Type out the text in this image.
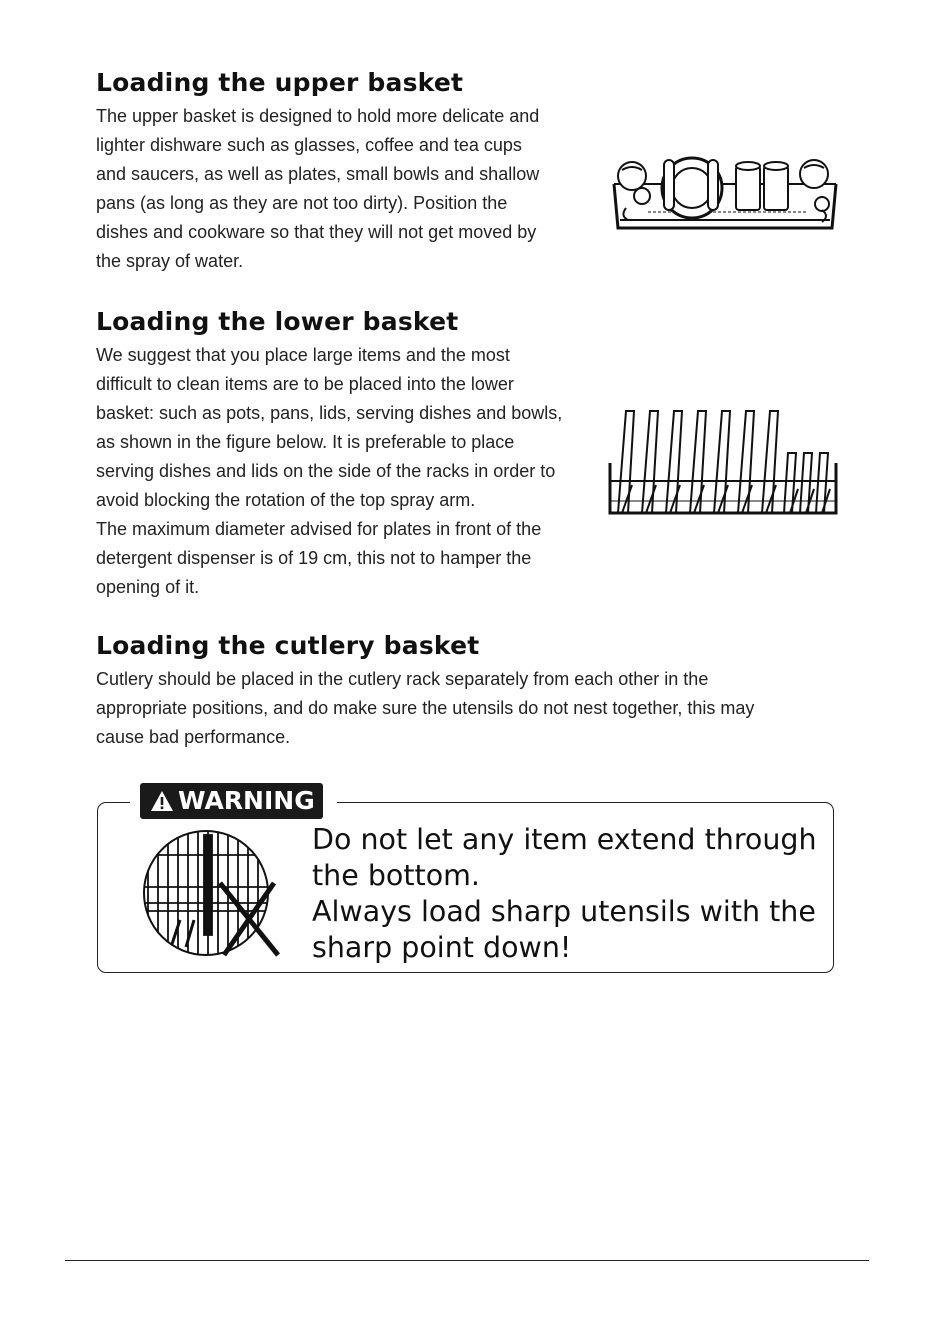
Loading the upper basket

The upper basket is designed to hold more delicate and

lighter dishware such as glasses, coffee and tea cups

and saucers, as well as plates, small bowls and shallow

pans (as long as they are not too dirty). Position the

dishes and cookware so that they will not get moved by

the spray of water.

Loading the lower basket

We suggest that you place large items and the most

difficult to clean items are to be placed into the lower

basket: such as pots, pans, lids, serving dishes and bowls,

as shown in the figure below. It is preferable to place

serving dishes and lids on the side of the racks in order to

avoid blocking the rotation of the top spray arm.

The maximum diameter advised for plates in front of the

detergent dispenser is of 19 cm, this not to hamper the

opening of it.

Loading the cutlery basket

Cutlery should be placed in the cutlery rack separately from each other in the

appropriate positions, and do make sure the utensils do not nest together, this may

cause bad performance.

WARNING

Do not let any item extend through

the bottom.

Always load sharp utensils with the

sharp point down!
